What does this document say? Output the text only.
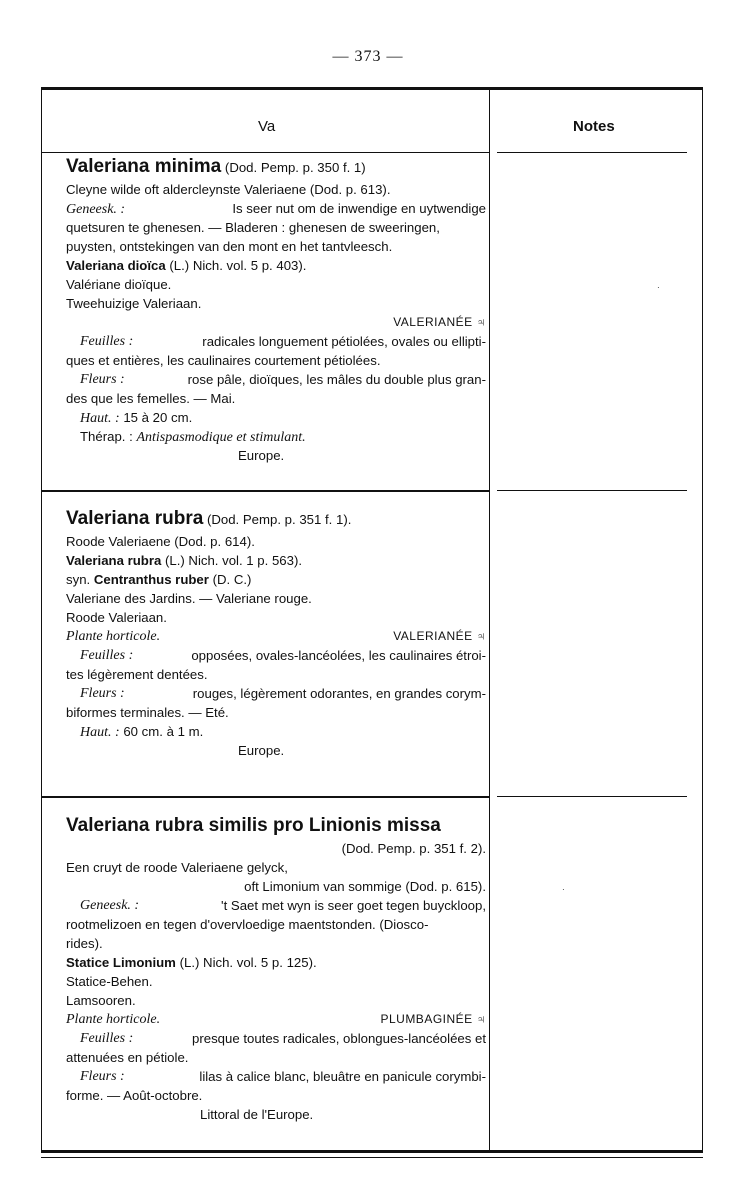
— 373 —
Va	Notes
·
·
Valeriana minima (Dod. Pemp. p. 350 f. 1)
Cleyne wilde oft aldercleynste Valeriaene (Dod. p. 613).
Geneesk. :	Is seer nut om de inwendige en uytwendige
quetsuren te ghenesen. — Bladeren : ghenesen de sweeringen,
puysten, ontstekingen van den mont en het tantvleesch.
Valeriana dioïca (L.) Nich. vol. 5 p. 403).
Valériane dioïque.
Tweehuizige Valeriaan.
VALERIANÉE ♃
Feuilles :	radicales longuement pétiolées, ovales ou ellipti-
ques et entières, les caulinaires courtement pétiolées.
Fleurs :	rose pâle, dioïques, les mâles du double plus gran-
des que les femelles. — Mai.
Haut. : 15 à 20 cm.
Thérap. : Antispasmodique et stimulant.
Europe.
Valeriana rubra (Dod. Pemp. p. 351 f. 1).
Roode Valeriaene (Dod. p. 614).
Valeriana rubra (L.) Nich. vol. 1 p. 563).
syn. Centranthus ruber (D. C.)
Valeriane des Jardins. — Valeriane rouge.
Roode Valeriaan.
Plante horticole.	VALERIANÉE ♃
Feuilles :	opposées, ovales-lancéolées, les caulinaires étroi-
tes légèrement dentées.
Fleurs :	rouges, légèrement odorantes, en grandes corym-
biformes terminales. — Eté.
Haut. : 60 cm. à 1 m.
Europe.
Valeriana rubra similis pro Linionis missa
(Dod. Pemp. p. 351 f. 2).
Een cruyt de roode Valeriaene gelyck,
oft Limonium van sommige (Dod. p. 615).
Geneesk. :	't Saet met wyn is seer goet tegen buyckloop,
rootmelizoen en tegen d'overvloedige maentstonden. (Diosco-
rides).
Statice Limonium (L.) Nich. vol. 5 p. 125).
Statice-Behen.
Lamsooren.
Plante horticole.	PLUMBAGINÉE ♃
Feuilles :	presque toutes radicales, oblongues-lancéolées et
attenuées en pétiole.
Fleurs :	lilas à calice blanc, bleuâtre en panicule corymbi-
forme. — Août-octobre.
Littoral de l'Europe.
